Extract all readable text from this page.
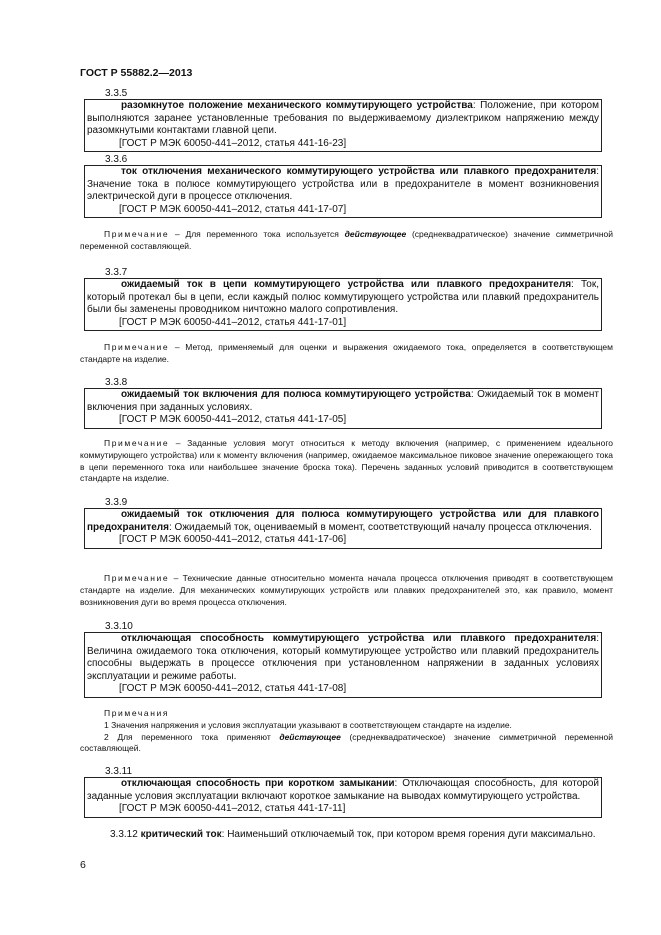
ГОСТ Р 55882.2—2013
3.3.5

разомкнутое положение механического коммутирующего устройства: Положение, при котором выполняются заранее установленные требования по выдерживаемому диэлектриком напряжению между разомкнутыми контактами главной цепи.

[ГОСТ Р МЭК 60050-441–2012, статья 441-16-23]

3.3.6

ток отключения механического коммутирующего устройства или плавкого предохранителя: Значение тока в полюсе коммутирующего устройства или в предохранителе в момент возникновения электрической дуги в процессе отключения.

[ГОСТ Р МЭК 60050-441–2012, статья 441-17-07]

Примечание – Для переменного тока используется действующее (среднеквадратическое) значение симметричной переменной составляющей.

3.3.7

ожидаемый ток в цепи коммутирующего устройства или плавкого предохранителя: Ток, который протекал бы в цепи, если каждый полюс коммутирующего устройства или плавкий предохранитель были бы заменены проводником ничтожно малого сопротивления.

[ГОСТ Р МЭК 60050-441–2012, статья 441-17-01]

Примечание – Метод, применяемый для оценки и выражения ожидаемого тока, определяется в соответствующем стандарте на изделие.

3.3.8

ожидаемый ток включения для полюса коммутирующего устройства: Ожидаемый ток в момент включения при заданных условиях.

[ГОСТ Р МЭК 60050-441–2012, статья 441-17-05]

Примечание – Заданные условия могут относиться к методу включения (например, с применением идеального коммутирующего устройства) или к моменту включения (например, ожидаемое максимальное пиковое значение опережающего тока в цепи переменного тока или наибольшее значение броска тока). Перечень заданных условий приводится в соответствующем стандарте на изделие.

3.3.9

ожидаемый ток отключения для полюса коммутирующего устройства или для плавкого предохранителя: Ожидаемый ток, оцениваемый в момент, соответствующий началу процесса отключения.

[ГОСТ Р МЭК 60050-441–2012, статья 441-17-06]

Примечание – Технические данные относительно момента начала процесса отключения приводят в соответствующем стандарте на изделие. Для механических коммутирующих устройств или плавких предохранителей это, как правило, момент возникновения дуги во время процесса отключения.

3.3.10

отключающая способность коммутирующего устройства или плавкого предохранителя: Величина ожидаемого тока отключения, который коммутирующее устройство или плавкий предохранитель способны выдержать в процессе отключения при установленном напряжении в заданных условиях эксплуатации и режиме работы.

[ГОСТ Р МЭК 60050-441–2012, статья 441-17-08]

Примечания

1 Значения напряжения и условия эксплуатации указывают в соответствующем стандарте на изделие.

2 Для переменного тока применяют действующее (среднеквадратическое) значение симметричной переменной составляющей.

3.3.11

отключающая способность при коротком замыкании: Отключающая способность, для которой заданные условия эксплуатации включают короткое замыкание на выводах коммутирующего устройства.

[ГОСТ Р МЭК 60050-441–2012, статья 441-17-11]

3.3.12 критический ток: Наименьший отключаемый ток, при котором время горения дуги максимально.

6
